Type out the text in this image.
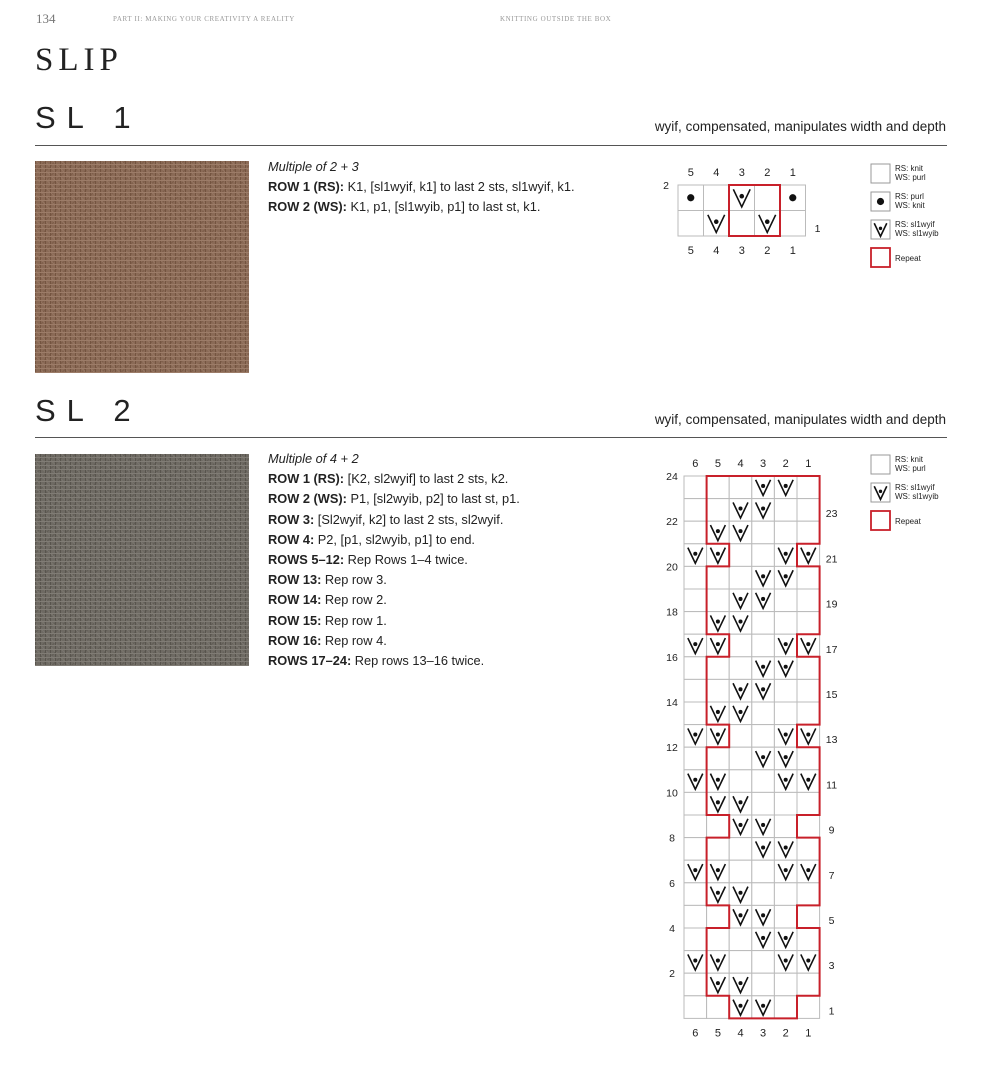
134	PART II: MAKING YOUR CREATIVITY A REALITY	KNITTING OUTSIDE THE BOX
SLIP
SL 1	wyif, compensated, manipulates width and depth
Multiple of 2 + 3
ROW 1 (RS): K1, [sl1wyif, k1] to last 2 sts, sl1wyif, k1.
ROW 2 (WS): K1, p1, [sl1wyib, p1] to last st, k1.
5
5
4
4
3
3
2
2
1
1
2
1
RS: knit
WS: purl
RS: purl
WS: knit
RS: sl1wyif
WS: sl1wyib
Repeat
SL 2	wyif, compensated, manipulates width and depth
Multiple of 4 + 2
ROW 1 (RS): [K2, sl2wyif] to last 2 sts, k2.
ROW 2 (WS): P1, [sl2wyib, p2] to last st, p1.
ROW 3: [Sl2wyif, k2] to last 2 sts, sl2wyif.
ROW 4: P2, [p1, sl2wyib, p1] to end.
ROWS 5–12: Rep Rows 1–4 twice.
ROW 13: Rep row 3.
ROW 14: Rep row 2.
ROW 15: Rep row 1.
ROW 16: Rep row 4.
ROWS 17–24: Rep rows 13–16 twice.
6
6
5
5
4
4
3
3
2
2
1
1
24
23
22
21
20
19
18
17
16
15
14
13
12
11
10
9
8
7
6
5
4
3
2
1
RS: knit
WS: purl
RS: sl1wyif
WS: sl1wyib
Repeat
